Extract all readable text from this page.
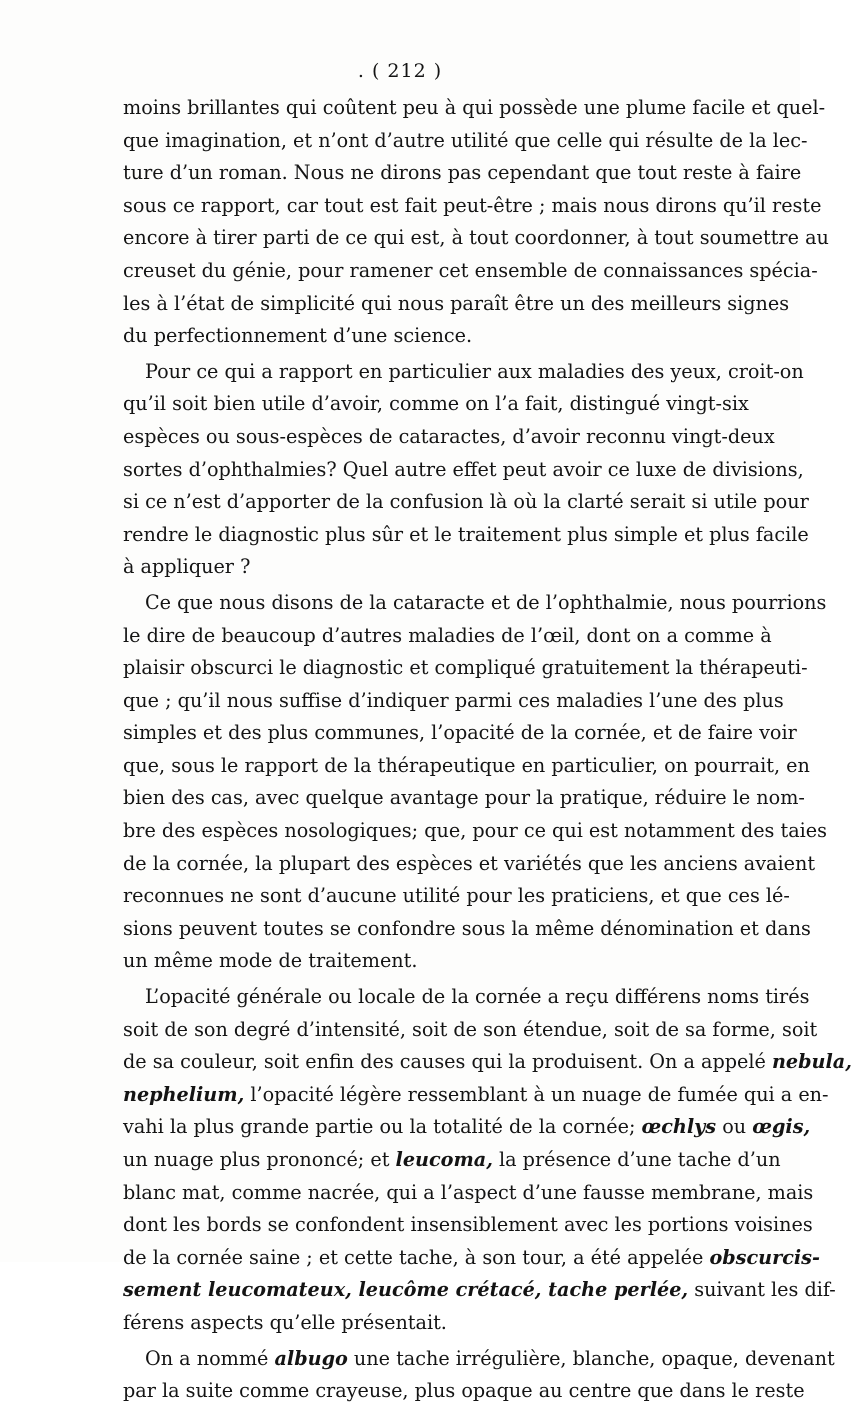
. ( 212 )
moins brillantes qui coûtent peu à qui possède une plume facile et quel-
que imagination, et n’ont d’autre utilité que celle qui résulte de la lec-
ture d’un roman. Nous ne dirons pas cependant que tout reste à faire
sous ce rapport, car tout est fait peut-être ; mais nous dirons qu’il reste
encore à tirer parti de ce qui est, à tout coordonner, à tout soumettre au
creuset du génie, pour ramener cet ensemble de connaissances spécia-
les à l’état de simplicité qui nous paraît être un des meilleurs signes
du perfectionnement d’une science.
Pour ce qui a rapport en particulier aux maladies des yeux, croit-on
qu’il soit bien utile d’avoir, comme on l’a fait, distingué vingt-six
espèces ou sous-espèces de cataractes, d’avoir reconnu vingt-deux
sortes d’ophthalmies? Quel autre effet peut avoir ce luxe de divisions,
si ce n’est d’apporter de la confusion là où la clarté serait si utile pour
rendre le diagnostic plus sûr et le traitement plus simple et plus facile
à appliquer ?
Ce que nous disons de la cataracte et de l’ophthalmie, nous pourrions
le dire de beaucoup d’autres maladies de l’œil, dont on a comme à
plaisir obscurci le diagnostic et compliqué gratuitement la thérapeuti-
que ; qu’il nous suffise d’indiquer parmi ces maladies l’une des plus
simples et des plus communes, l’opacité de la cornée, et de faire voir
que, sous le rapport de la thérapeutique en particulier, on pourrait, en
bien des cas, avec quelque avantage pour la pratique, réduire le nom-
bre des espèces nosologiques; que, pour ce qui est notamment des taies
de la cornée, la plupart des espèces et variétés que les anciens avaient
reconnues ne sont d’aucune utilité pour les praticiens, et que ces lé-
sions peuvent toutes se confondre sous la même dénomination et dans
un même mode de traitement.
L’opacité générale ou locale de la cornée a reçu différens noms tirés
soit de son degré d’intensité, soit de son étendue, soit de sa forme, soit
de sa couleur, soit enfin des causes qui la produisent. On a appelé nebula,
nephelium, l’opacité légère ressemblant à un nuage de fumée qui a en-
vahi la plus grande partie ou la totalité de la cornée; œchlys ou œgis,
un nuage plus prononcé; et leucoma, la présence d’une tache d’un
blanc mat, comme nacrée, qui a l’aspect d’une fausse membrane, mais
dont les bords se confondent insensiblement avec les portions voisines
de la cornée saine ; et cette tache, à son tour, a été appelée obscurcis-
sement leucomateux, leucôme crétacé, tache perlée, suivant les dif-
férens aspects qu’elle présentait.
On a nommé albugo une tache irrégulière, blanche, opaque, devenant
par la suite comme crayeuse, plus opaque au centre que dans le reste
